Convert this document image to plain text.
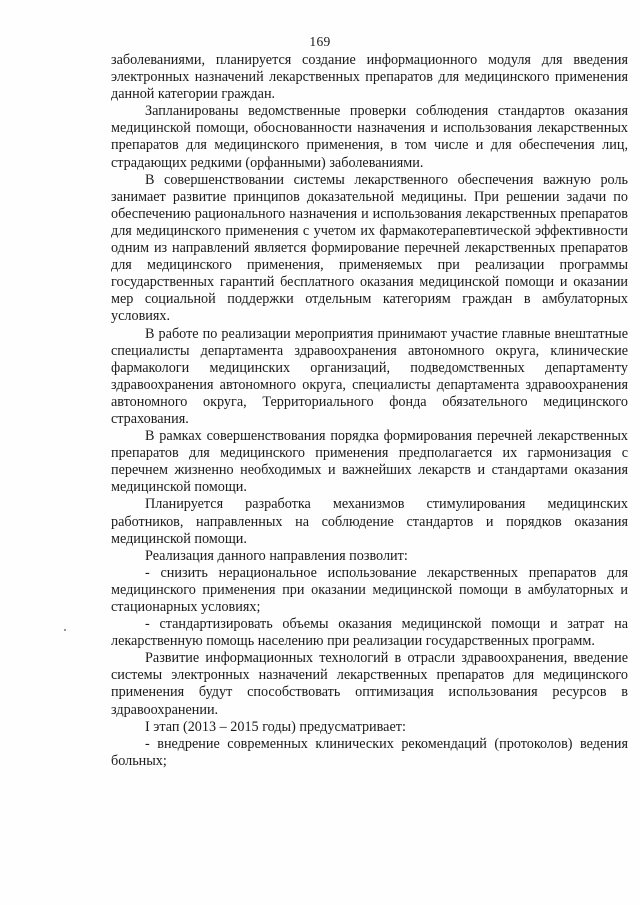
169

заболеваниями, планируется создание информационного модуля для введения электронных назначений лекарственных препаратов для медицинского применения данной категории граждан.

Запланированы ведомственные проверки соблюдения стандартов оказания медицинской помощи, обоснованности назначения и использования лекарственных препаратов для медицинского применения, в том числе и для обеспечения лиц, страдающих редкими (орфанными) заболеваниями.

В совершенствовании системы лекарственного обеспечения важную роль занимает развитие принципов доказательной медицины. При решении задачи по обеспечению рационального назначения и использования лекарственных препаратов для медицинского применения с учетом их фармакотерапевтической эффективности одним из направлений является формирование перечней лекарственных препаратов для медицинского применения, применяемых при реализации программы государственных гарантий бесплатного оказания медицинской помощи и оказании мер социальной поддержки отдельным категориям граждан в амбулаторных условиях.

В работе по реализации мероприятия принимают участие главные внештатные специалисты департамента здравоохранения автономного округа, клинические фармакологи медицинских организаций, подведомственных департаменту здравоохранения автономного округа, специалисты департамента здравоохранения автономного округа, Территориального фонда обязательного медицинского страхования.

В рамках совершенствования порядка формирования перечней лекарственных препаратов для медицинского применения предполагается их гармонизация с перечнем жизненно необходимых и важнейших лекарств и стандартами оказания медицинской помощи.

Планируется разработка механизмов стимулирования медицинских работников, направленных на соблюдение стандартов и порядков оказания медицинской помощи.

Реализация данного направления позволит:

- снизить нерациональное использование лекарственных препаратов для медицинского применения при оказании медицинской помощи в амбулаторных и стационарных условиях;

- стандартизировать объемы оказания медицинской помощи и затрат на лекарственную помощь населению при реализации государственных программ.

Развитие информационных технологий в отрасли здравоохранения, введение системы электронных назначений лекарственных препаратов для медицинского применения будут способствовать оптимизация использования ресурсов в здравоохранении.

I этап (2013 – 2015 годы) предусматривает:

- внедрение современных клинических рекомендаций (протоколов) ведения больных;
